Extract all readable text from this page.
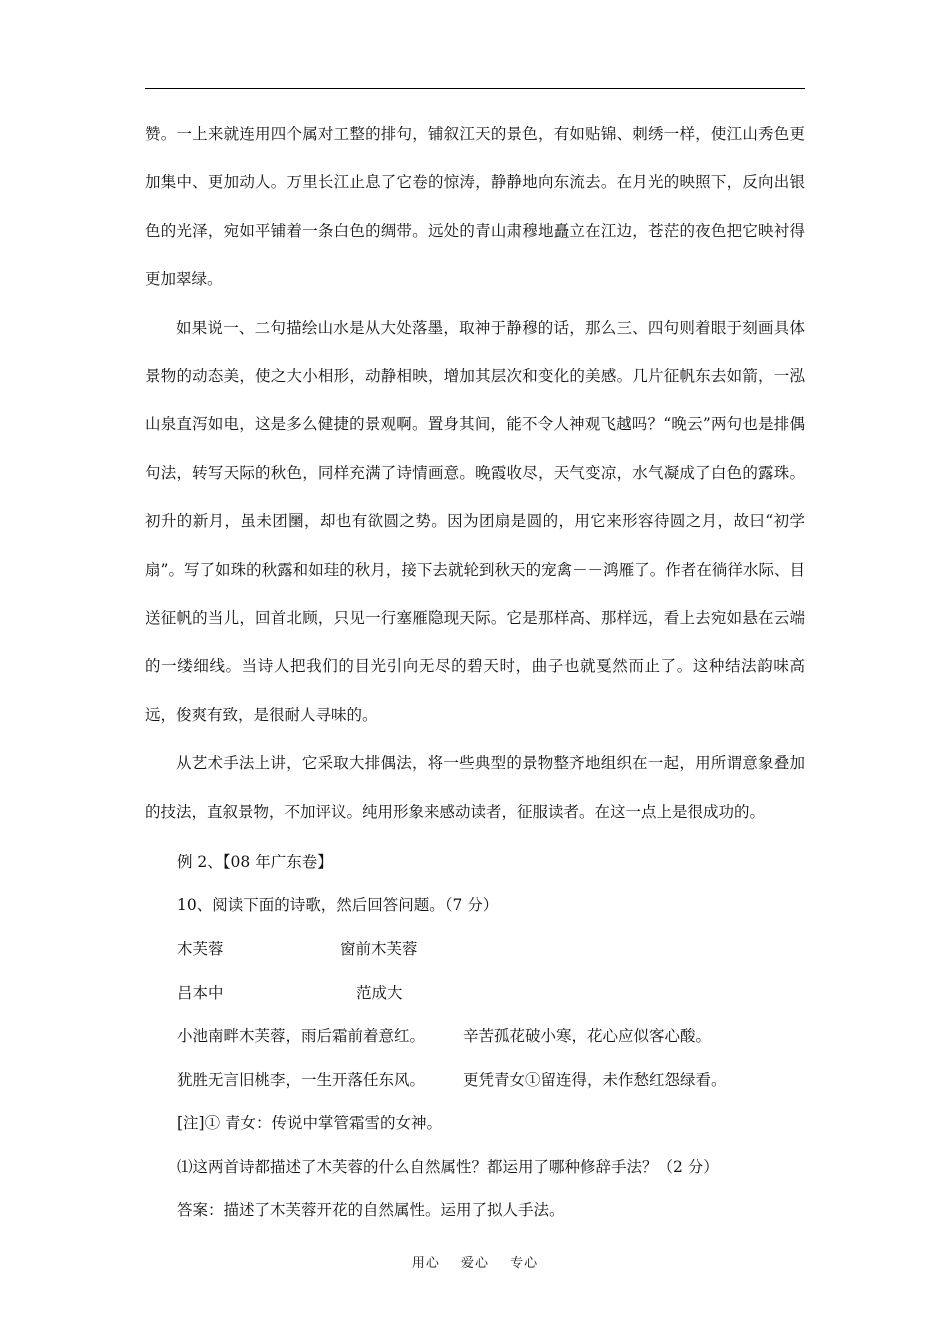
赞。一上来就连用四个属对工整的排句，铺叙江天的景色，有如贴锦、刺绣一样，使江山秀色更加集中、更加动人。万里长江止息了它卷的惊涛，静静地向东流去。在月光的映照下，反向出银色的光泽，宛如平铺着一条白色的绸带。远处的青山肃穆地矗立在江边，苍茫的夜色把它映衬得更加翠绿。

如果说一、二句描绘山水是从大处落墨，取神于静穆的话，那么三、四句则着眼于刻画具体景物的动态美，使之大小相形，动静相映，增加其层次和变化的美感。几片征帆东去如箭，一泓山泉直泻如电，这是多么健捷的景观啊。置身其间，能不令人神观飞越吗？“晚云”两句也是排偶句法，转写天际的秋色，同样充满了诗情画意。晚霞收尽，天气变凉，水气凝成了白色的露珠。初升的新月，虽未团圞，却也有欲圆之势。因为团扇是圆的，用它来形容待圆之月，故曰“初学扇”。写了如珠的秋露和如珪的秋月，接下去就轮到秋天的宠禽－－鸿雁了。作者在徜徉水际、目送征帆的当儿，回首北顾，只见一行塞雁隐现天际。它是那样高、那样远，看上去宛如悬在云端的一缕细线。当诗人把我们的目光引向无尽的碧天时，曲子也就戛然而止了。这种结法韵味高远，俊爽有致，是很耐人寻味的。

从艺术手法上讲，它采取大排偶法，将一些典型的景物整齐地组织在一起，用所谓意象叠加的技法，直叙景物，不加评议。纯用形象来感动读者，征服读者。在这一点上是很成功的。

例 2、【08 年广东卷】

10、阅读下面的诗歌，然后回答问题。（7 分）

木芙蓉	窗前木芙蓉
吕本中	范成大
小池南畔木芙蓉，雨后霜前着意红。 辛苦孤花破小寒，花心应似客心酸。
犹胜无言旧桃李，一生开落任东风。 更凭青女①留连得，未作愁红怨绿看。

[注]① 青女：传说中掌管霜雪的女神。

⑴这两首诗都描述了木芙蓉的什么自然属性？都运用了哪种修辞手法？（2 分）

答案：描述了木芙蓉开花的自然属性。运用了拟人手法。

用心 爱心 专心
